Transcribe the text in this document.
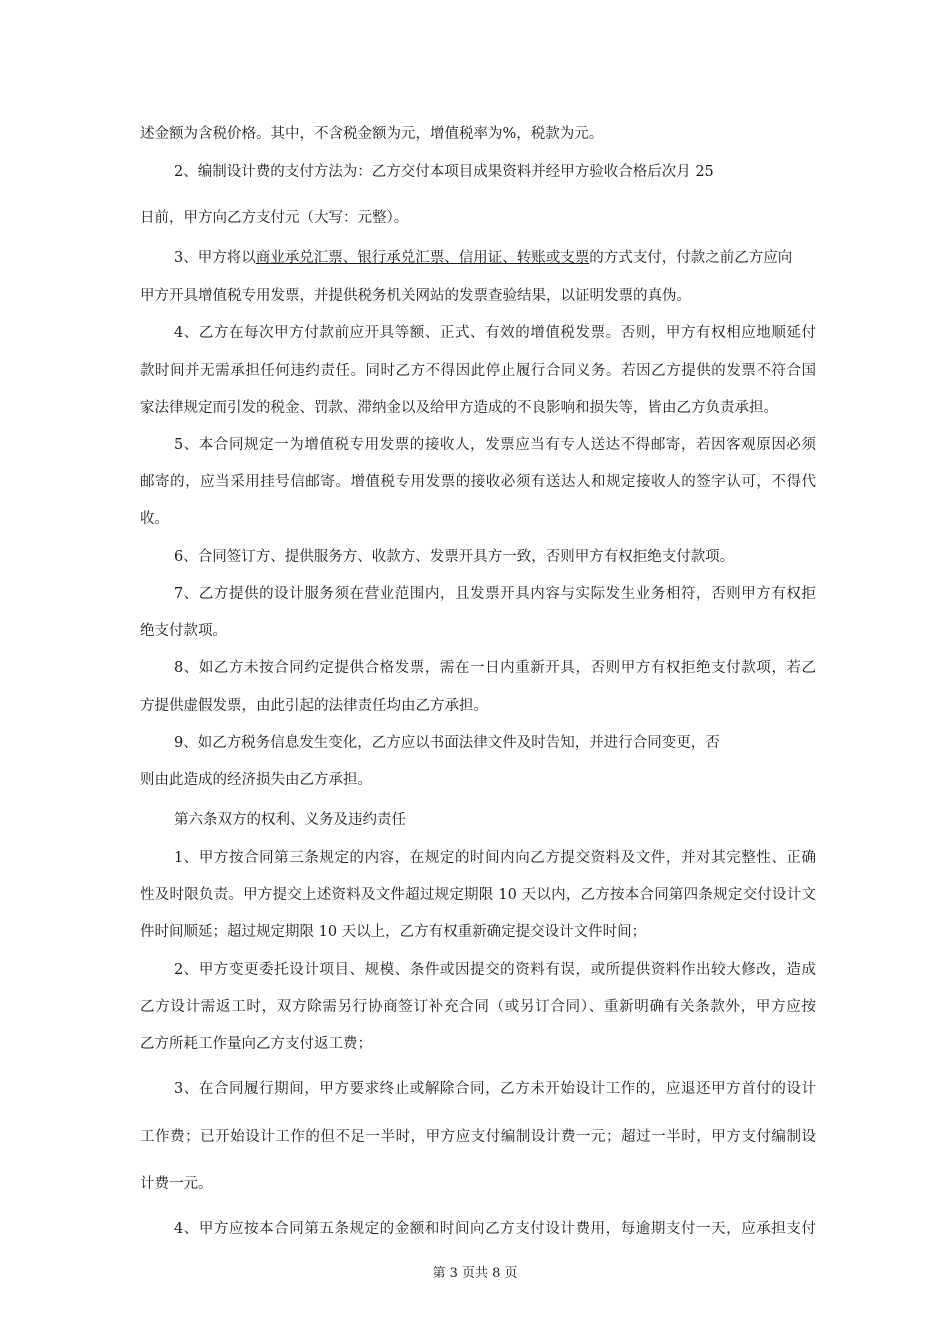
述金额为含税价格。其中，不含税金额为元，增值税率为%，税款为元。

2、编制设计费的支付方法为：乙方交付本项目成果资料并经甲方验收合格后次月 25

日前，甲方向乙方支付元（大写：元整）。

3、甲方将以商业承兑汇票、银行承兑汇票、信用证、转账或支票的方式支付，付款之前乙方应向

甲方开具增值税专用发票，并提供税务机关网站的发票查验结果，以证明发票的真伪。

4、乙方在每次甲方付款前应开具等额、正式、有效的增值税发票。否则，甲方有权相应地顺延付

款时间并无需承担任何违约责任。同时乙方不得因此停止履行合同义务。若因乙方提供的发票不符合国

家法律规定而引发的税金、罚款、滞纳金以及给甲方造成的不良影响和损失等，皆由乙方负责承担。

5、本合同规定一为增值税专用发票的接收人，发票应当有专人送达不得邮寄，若因客观原因必须

邮寄的，应当采用挂号信邮寄。增值税专用发票的接收必须有送达人和规定接收人的签字认可，不得代

收。

6、合同签订方、提供服务方、收款方、发票开具方一致，否则甲方有权拒绝支付款项。

7、乙方提供的设计服务须在营业范围内，且发票开具内容与实际发生业务相符，否则甲方有权拒

绝支付款项。

8、如乙方未按合同约定提供合格发票，需在一日内重新开具，否则甲方有权拒绝支付款项，若乙

方提供虚假发票，由此引起的法律责任均由乙方承担。

9、如乙方税务信息发生变化，乙方应以书面法律文件及时告知，并进行合同变更，否

则由此造成的经济损失由乙方承担。

第六条双方的权利、义务及违约责任

1、甲方按合同第三条规定的内容，在规定的时间内向乙方提交资料及文件，并对其完整性、正确

性及时限负责。甲方提交上述资料及文件超过规定期限 10 天以内，乙方按本合同第四条规定交付设计文

件时间顺延；超过规定期限 10 天以上，乙方有权重新确定提交设计文件时间；

2、甲方变更委托设计项目、规模、条件或因提交的资料有误，或所提供资料作出较大修改，造成

乙方设计需返工时，双方除需另行协商签订补充合同（或另订合同）、重新明确有关条款外，甲方应按

乙方所耗工作量向乙方支付返工费；

3、在合同履行期间，甲方要求终止或解除合同，乙方未开始设计工作的，应退还甲方首付的设计

工作费；已开始设计工作的但不足一半时，甲方应支付编制设计费一元；超过一半时，甲方支付编制设

计费一元。

4、甲方应按本合同第五条规定的金额和时间向乙方支付设计费用，每逾期支付一天，应承担支付

第 3 页共 8 页
